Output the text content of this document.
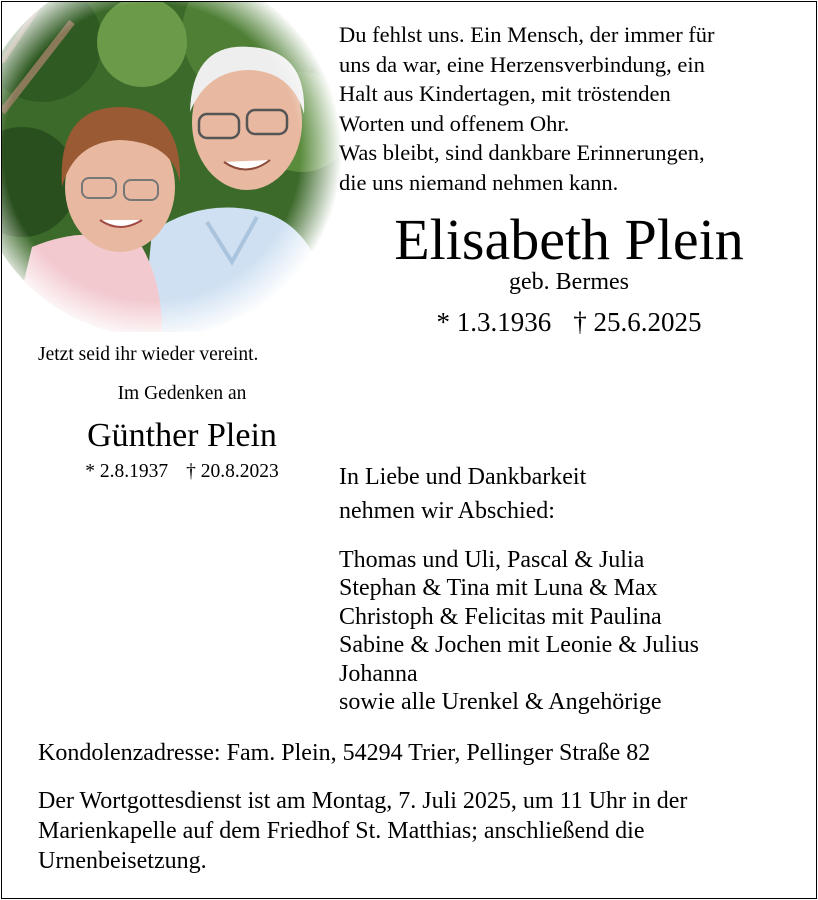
Du fehlst uns. Ein Mensch, der immer für
uns da war, eine Herzensverbindung, ein
Halt aus Kindertagen, mit tröstenden
Worten und offenem Ohr.
Was bleibt, sind dankbare Erinnerungen,
die uns niemand nehmen kann.
Elisabeth Plein
geb. Bermes
* 1.3.1936 † 25.6.2025
Jetzt seid ihr wieder vereint.
Im Gedenken an
Günther Plein
* 2.8.1937 † 20.8.2023	In Liebe und Dankbarkeit
nehmen wir Abschied:
Thomas und Uli, Pascal & Julia
Stephan & Tina mit Luna & Max
Christoph & Felicitas mit Paulina
Sabine & Jochen mit Leonie & Julius
Johanna
sowie alle Urenkel & Angehörige
Kondolenzadresse: Fam. Plein, 54294 Trier, Pellinger Straße 82
Der Wortgottesdienst ist am Montag, 7. Juli 2025, um 11 Uhr in der Marienkapelle auf dem Friedhof St. Matthias; anschließend die Urnenbeisetzung.
